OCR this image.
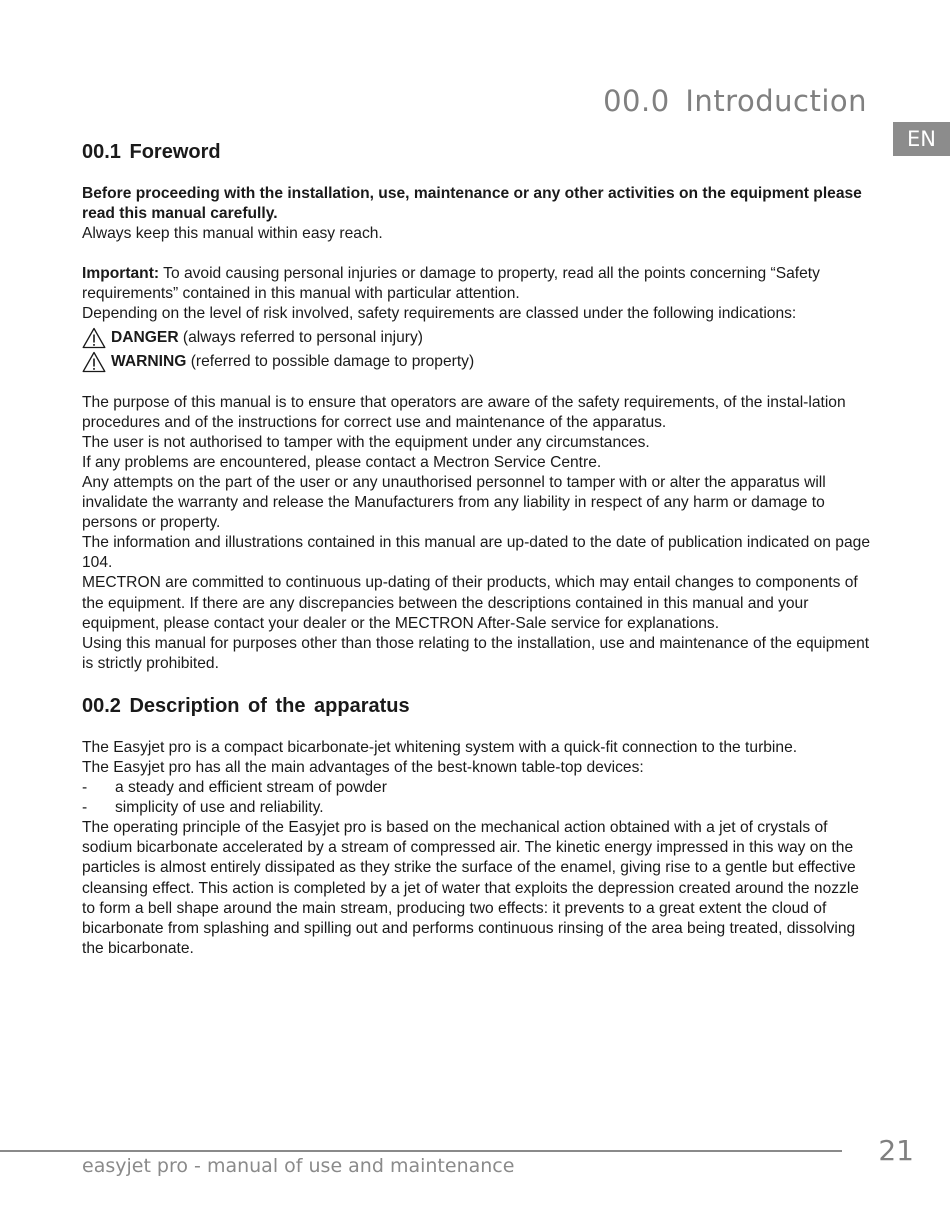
00.0 Introduction
EN
00.1 Foreword

Before proceeding with the installation, use, maintenance or any other activities on the equipment please read this manual carefully.

Always keep this manual within easy reach.

Important: To avoid causing personal injuries or damage to property, read all the points concerning “Safety requirements” contained in this manual with particular attention.

Depending on the level of risk involved, safety requirements are classed under the following indications:

DANGER (always referred to personal injury)
WARNING (referred to possible damage to property)

The purpose of this manual is to ensure that operators are aware of the safety requirements, of the instal-lation procedures and of the instructions for correct use and maintenance of the apparatus.

The user is not authorised to tamper with the equipment under any circumstances.

If any problems are encountered, please contact a Mectron Service Centre.

Any attempts on the part of the user or any unauthorised personnel to tamper with or alter the apparatus will invalidate the warranty and release the Manufacturers from any liability in respect of any harm or damage to persons or property.

The information and illustrations contained in this manual are up-dated to the date of publication indicated on page 104.

MECTRON are committed to continuous up-dating of their products, which may entail changes to components of the equipment. If there are any discrepancies between the descriptions contained in this manual and your equipment, please contact your dealer or the MECTRON After-Sale service for explanations.

Using this manual for purposes other than those relating to the installation, use and maintenance of the equipment is strictly prohibited.

00.2 Description of the apparatus

The Easyjet pro is a compact bicarbonate-jet whitening system with a quick-fit connection to the turbine.

The Easyjet pro has all the main advantages of the best-known table-top devices:

-	a steady and efficient stream of powder
-	simplicity of use and reliability.

The operating principle of the Easyjet pro is based on the mechanical action obtained with a jet of crystals of sodium bicarbonate accelerated by a stream of compressed air. The kinetic energy impressed in this way on the particles is almost entirely dissipated as they strike the surface of the enamel, giving rise to a gentle but effective cleansing effect. This action is completed by a jet of water that exploits the depression created around the nozzle to form a bell shape around the main stream, producing two effects: it prevents to a great extent the cloud of bicarbonate from splashing and spilling out and performs continuous rinsing of the area being treated, dissolving the bicarbonate.

easyjet pro - manual of use and maintenance	21
